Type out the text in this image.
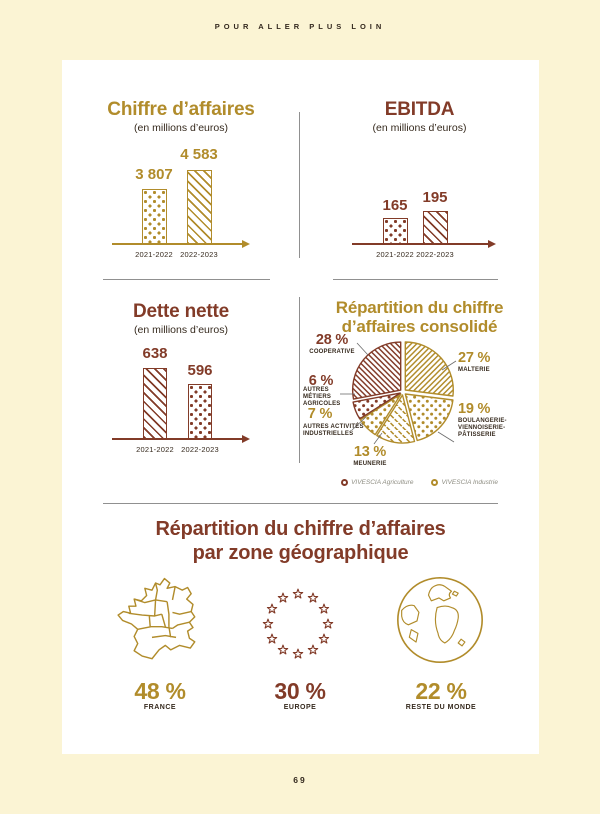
POUR ALLER PLUS LOIN
Chiffre d’affaires
(en millions d’euros)
3 807
4 583
2021-2022 2022-2023
EBITDA
(en millions d’euros)
165 195
2021-2022 2022-2023
Dette nette
(en millions d’euros)
638
596
2021-2022 2022-2023
Répartition du chiffre
d’affaires consolidé
28 %
COOPERATIVE
6 %
AUTRES
MÉTIERS
AGRICOLES
7 %
AUTRES ACTIVITÉS
INDUSTRIELLES
13 %
MEUNERIE
27 %
MALTERIE
19 %
BOULANGERIE-
VIENNOISERIE-
PÂTISSERIE
VIVESCIA Agriculture	VIVESCIA Industrie
Répartition du chiffre d’affaires
par zone géographique
48 %
FRANCE
30 %
EUROPE
22 %
RESTE DU MONDE
69
